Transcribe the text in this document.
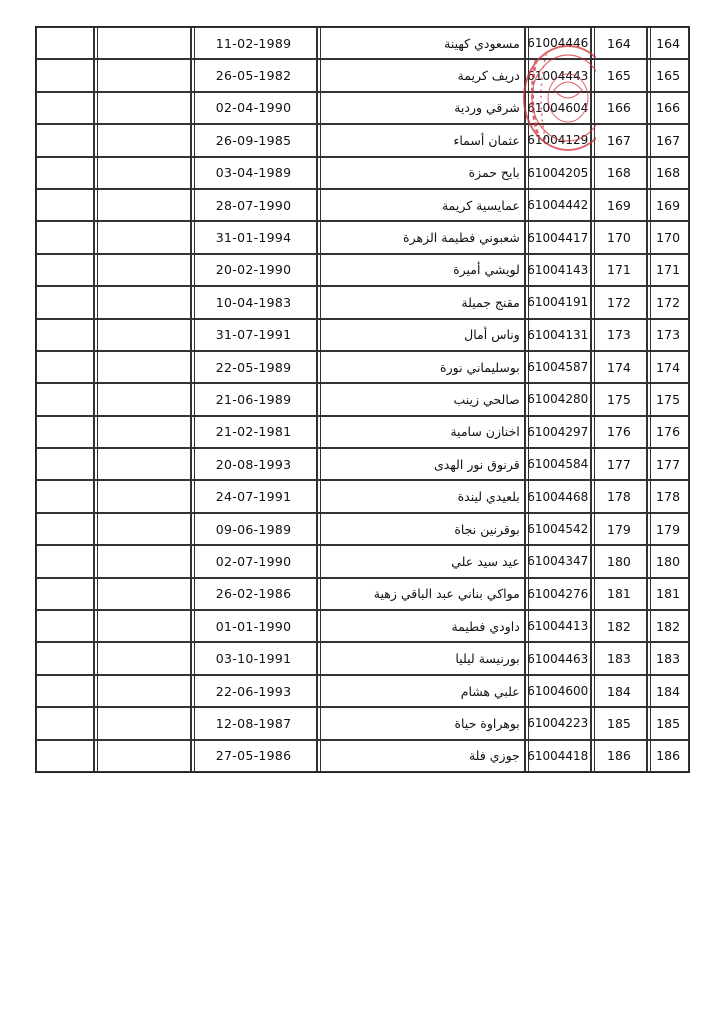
		11-02-1989	مسعودي كهينة	61004446	164	164
		26-05-1982	دريف كريمة	61004443	165	165
		02-04-1990	شرقي وردية	61004604	166	166
		26-09-1985	عثمان أسماء	61004129	167	167
		03-04-1989	بايح حمزة	61004205	168	168
		28-07-1990	عمايسية كريمة	61004442	169	169
		31-01-1994	شعبوني فطيمة الزهرة	61004417	170	170
		20-02-1990	لويشي أميرة	61004143	171	171
		10-04-1983	مقنج جميلة	61004191	172	172
		31-07-1991	وناس أمال	61004131	173	173
		22-05-1989	بوسليماني نورة	61004587	174	174
		21-06-1989	صالحي زينب	61004280	175	175
		21-02-1981	اخنازن سامية	61004297	176	176
		20-08-1993	قرنوق نور الهدى	61004584	177	177
		24-07-1991	بلعيدي ليندة	61004468	178	178
		09-06-1989	بوقرنين نجاة	61004542	179	179
		02-07-1990	عيد سيد علي	61004347	180	180
		26-02-1986	مواكي بناني عبد الباقي زهية	61004276	181	181
		01-01-1990	داودي فطيمة	61004413	182	182
		03-10-1991	بورنيسة ليليا	61004463	183	183
		22-06-1993	علبي هشام	61004600	184	184
		12-08-1987	بوهراوة حياة	61004223	185	185
		27-05-1986	جوزي فلة	61004418	186	186
